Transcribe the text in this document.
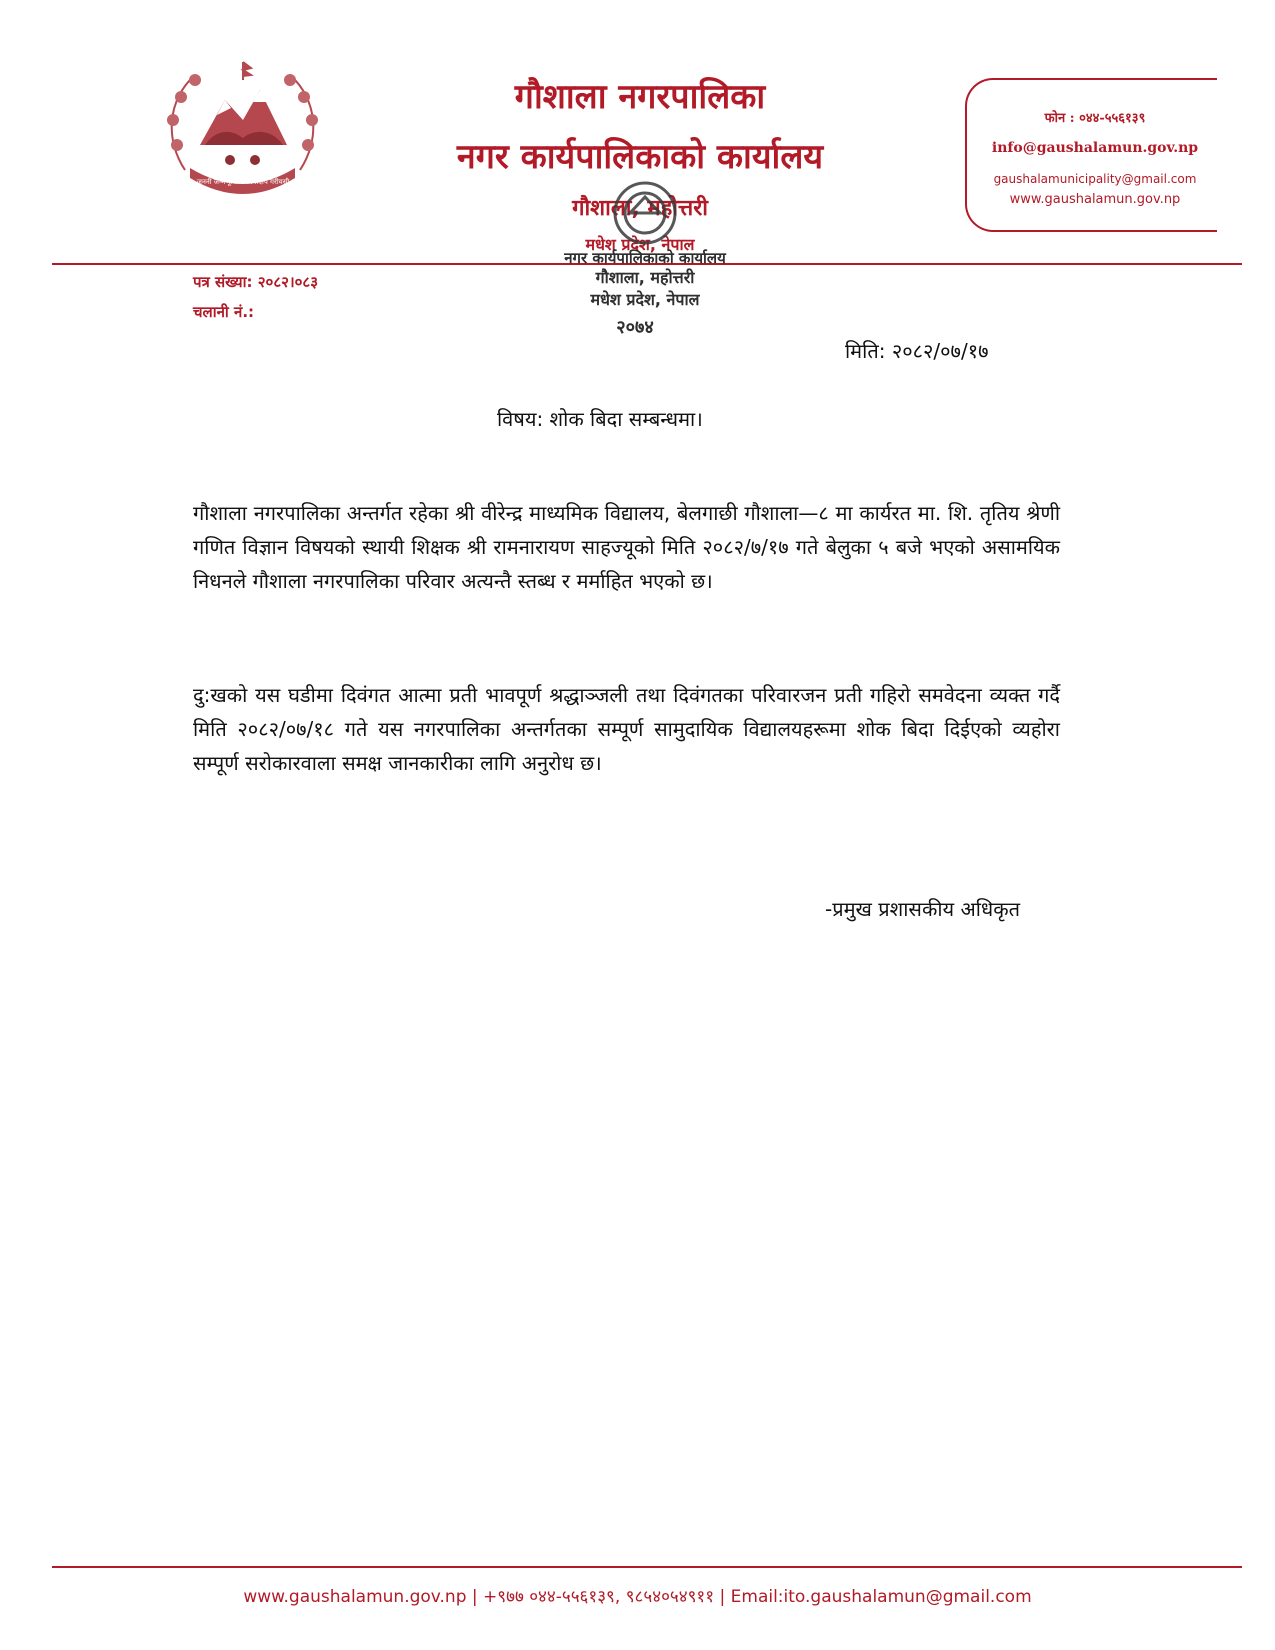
जननी जन्मभूमिश्च स्वर्गादपि गरीयसी
गौशाला नगरपालिका
नगर कार्यपालिकाको कार्यालय
गौशाला, महोत्तरी
मधेश प्रदेश, नेपाल
फोन : ०४४-५५६१३९
info@gaushalamun.gov.np
gaushalamunicipality@gmail.com
www.gaushalamun.gov.np
पत्र संख्या: २०८२।०८३
चलानी नं.:
नगर कार्यपालिकाको कार्यालय
गौशाला, महोत्तरी
मधेश प्रदेश, नेपाल
२०७४
मिति: २०८२/०७/१७
विषय: शोक बिदा सम्बन्धमा।

गौशाला नगरपालिका अन्तर्गत रहेका श्री वीरेन्द्र माध्यमिक विद्यालय, बेलगाछी गौशाला—८ मा कार्यरत मा. शि. तृतिय श्रेणी गणित विज्ञान विषयको स्थायी शिक्षक श्री रामनारायण साहज्यूको मिति २०८२/७/१७ गते बेलुका ५ बजे भएको असामयिक निधनले गौशाला नगरपालिका परिवार अत्यन्तै स्तब्ध र मर्माहित भएको छ।

दु:खको यस घडीमा दिवंगत आत्मा प्रती भावपूर्ण श्रद्धाञ्जली तथा दिवंगतका परिवारजन प्रती गहिरो समवेदना व्यक्त गर्दै मिति २०८२/०७/१८ गते यस नगरपालिका अन्तर्गतका सम्पूर्ण सामुदायिक विद्यालयहरूमा शोक बिदा दिईएको व्यहोरा सम्पूर्ण सरोकारवाला समक्ष जानकारीका लागि अनुरोध छ।

-प्रमुख प्रशासकीय अधिकृत
www.gaushalamun.gov.np | +९७७ ०४४-५५६१३९, ९८५४०५४९११ | Email:ito.gaushalamun@gmail.com
